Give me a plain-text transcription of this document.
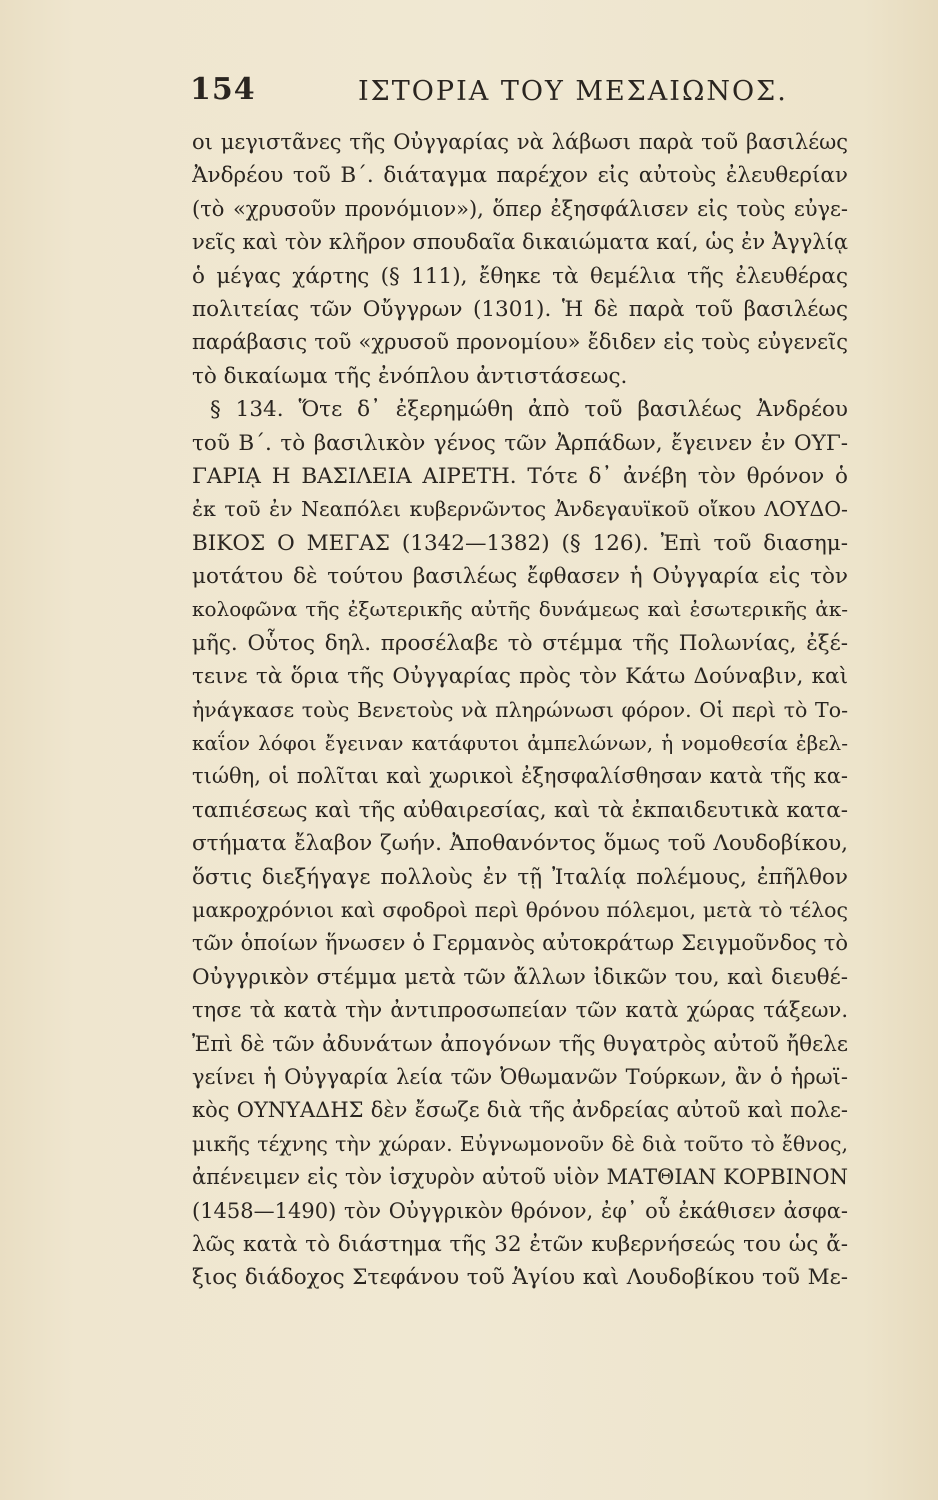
154	ΙΣΤΟΡΙΑ ΤΟΥ ΜΕΣΑΙΩΝΟΣ.
οι μεγιστᾶνες τῆς Οὐγγαρίας νὰ λάβωσι παρὰ τοῦ βασιλέως
Ἀνδρέου τοῦ Β΄. διάταγμα παρέχον εἰς αὐτοὺς ἐλευθερίαν
(τὸ «χρυσοῦν προνόμιον»), ὅπερ ἐξησφάλισεν εἰς τοὺς εὐγε-
νεῖς καὶ τὸν κλῆρον σπουδαῖα δικαιώματα καί, ὡς ἐν Ἀγγλίᾳ
ὁ μέγας χάρτης (§ 111), ἔθηκε τὰ θεμέλια τῆς ἐλευθέρας
πολιτείας τῶν Οὔγγρων (1301). Ἡ δὲ παρὰ τοῦ βασιλέως
παράβασις τοῦ «χρυσοῦ προνομίου» ἔδιδεν εἰς τοὺς εὐγενεῖς
τὸ δικαίωμα τῆς ἐνόπλου ἀντιστάσεως.
§ 134. Ὅτε δ᾿ ἐξερημώθη ἀπὸ τοῦ βασιλέως Ἀνδρέου
τοῦ Β΄. τὸ βασιλικὸν γένος τῶν Ἀρπάδων, ἔγεινεν ἐν ΟΥΓ-
ΓΑΡΙᾼ Η ΒΑΣΙΛΕΙΑ ΑΙΡΕΤΗ. Τότε δ᾿ ἀνέβη τὸν θρόνον ὁ
ἐκ τοῦ ἐν Νεαπόλει κυβερνῶντος Ἀνδεγαυϊκοῦ οἴκου ΛΟΥΔΟ-
ΒΙΚΟΣ Ο ΜΕΓΑΣ (1342—1382) (§ 126). Ἐπὶ τοῦ διασημ-
μοτάτου δὲ τούτου βασιλέως ἔφθασεν ἡ Οὐγγαρία εἰς τὸν
κολοφῶνα τῆς ἐξωτερικῆς αὐτῆς δυνάμεως καὶ ἐσωτερικῆς ἀκ-
μῆς. Οὗτος δηλ. προσέλαβε τὸ στέμμα τῆς Πολωνίας, ἐξέ-
τεινε τὰ ὅρια τῆς Οὐγγαρίας πρὸς τὸν Κάτω Δούναβιν, καὶ
ἠνάγκασε τοὺς Βενετοὺς νὰ πληρώνωσι φόρον. Οἱ περὶ τὸ Το-
καΐον λόφοι ἔγειναν κατάφυτοι ἀμπελώνων, ἡ νομοθεσία ἐβελ-
τιώθη, οἱ πολῖται καὶ χωρικοὶ ἐξησφαλίσθησαν κατὰ τῆς κα-
ταπιέσεως καὶ τῆς αὐθαιρεσίας, καὶ τὰ ἐκπαιδευτικὰ κατα-
στήματα ἔλαβον ζωήν. Ἀποθανόντος ὅμως τοῦ Λουδοβίκου,
ὅστις διεξήγαγε πολλοὺς ἐν τῇ Ἰταλίᾳ πολέμους, ἐπῆλθον
μακροχρόνιοι καὶ σφοδροὶ περὶ θρόνου πόλεμοι, μετὰ τὸ τέλος
τῶν ὁποίων ἥνωσεν ὁ Γερμανὸς αὐτοκράτωρ Σειγμοῦνδος τὸ
Οὐγγρικὸν στέμμα μετὰ τῶν ἄλλων ἰδικῶν του, καὶ διευθέ-
τησε τὰ κατὰ τὴν ἀντιπροσωπείαν τῶν κατὰ χώρας τάξεων.
Ἐπὶ δὲ τῶν ἀδυνάτων ἀπογόνων τῆς θυγατρὸς αὐτοῦ ἤθελε
γείνει ἡ Οὐγγαρία λεία τῶν Ὀθωμανῶν Τούρκων, ἂν ὁ ἡρωϊ-
κὸς ΟΥΝΥΑΔΗΣ δὲν ἔσωζε διὰ τῆς ἀνδρείας αὐτοῦ καὶ πολε-
μικῆς τέχνης τὴν χώραν. Εὐγνωμονοῦν δὲ διὰ τοῦτο τὸ ἔθνος,
ἀπένειμεν εἰς τὸν ἰσχυρὸν αὐτοῦ υἱὸν ΜΑΤΘΙΑΝ ΚΟΡΒΙΝΟΝ
(1458—1490) τὸν Οὐγγρικὸν θρόνον, ἐφ᾿ οὗ ἐκάθισεν ἀσφα-
λῶς κατὰ τὸ διάστημα τῆς 32 ἐτῶν κυβερνήσεώς του ὡς ἄ-
ξιος διάδοχος Στεφάνου τοῦ Ἁγίου καὶ Λουδοβίκου τοῦ Με-
